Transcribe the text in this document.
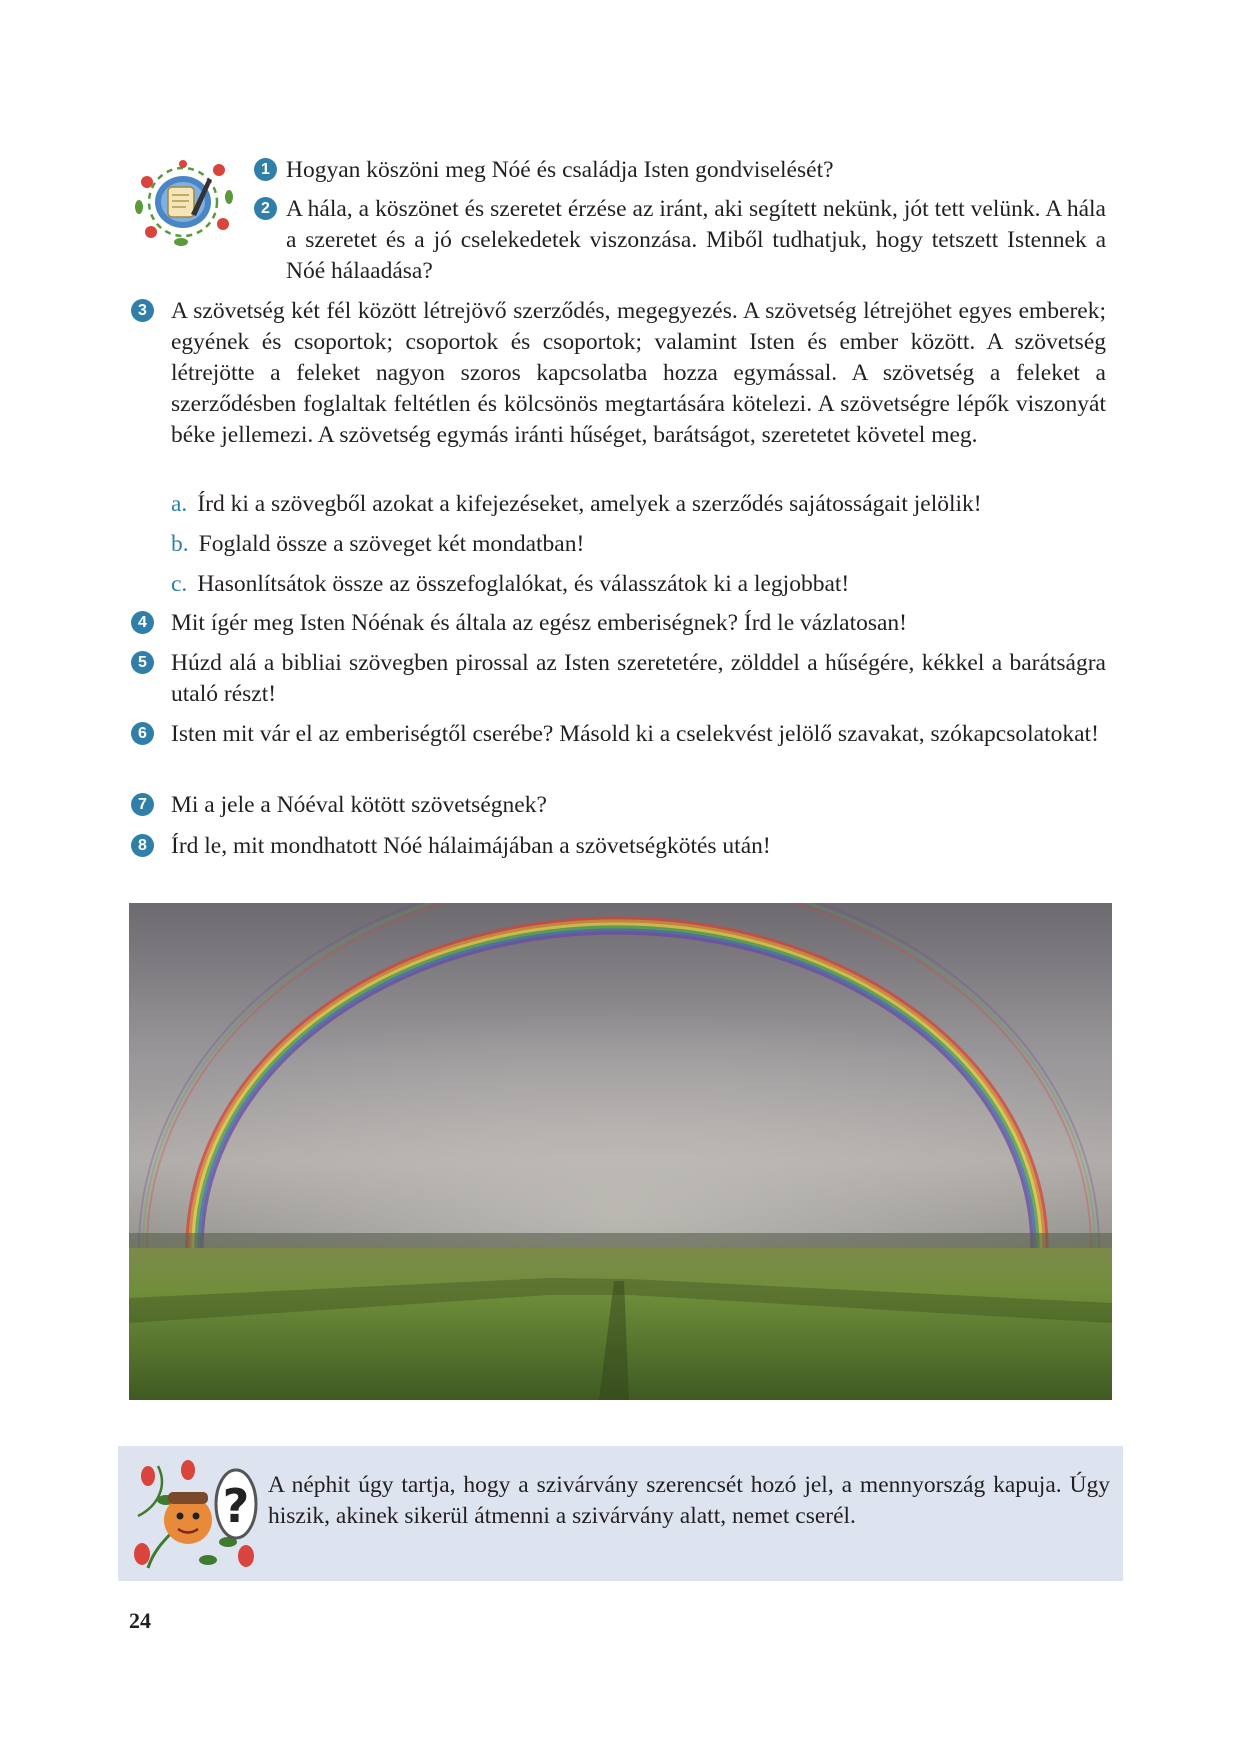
1 Hogyan köszöni meg Nóé és családja Isten gondviselését?
2 A hála, a köszönet és szeretet érzése az iránt, aki segített nekünk, jót tett velünk. A hála a szeretet és a jó cselekedetek viszonzása. Miből tudhatjuk, hogy tetszett Istennek a Nóé hálaadása?
3 A szövetség két fél között létrejövő szerződés, megegyezés. A szövetség létrejöhet egyes emberek; egyének és csoportok; csoportok és csoportok; valamint Isten és ember között. A szövetség létrejötte a feleket nagyon szoros kapcsolatba hozza egymással. A szövetség a feleket a szerződésben foglaltak feltétlen és kölcsönös megtartására kötelezi. A szövetségre lépők viszonyát béke jellemezi. A szövetség egymás iránti hűséget, barátságot, szeretetet követel meg.
a. Írd ki a szövegből azokat a kifejezéseket, amelyek a szerződés sajátosságait jelölik!
b. Foglald össze a szöveget két mondatban!
c. Hasonlítsátok össze az összefoglalókat, és válasszátok ki a legjobbat!
4 Mit ígér meg Isten Nóénak és általa az egész emberiségnek? Írd le vázlatosan!
5 Húzd alá a bibliai szövegben pirossal az Isten szeretetére, zölddel a hűségére, kékkel a barátságra utaló részt!
6 Isten mit vár el az emberiségtől cserébe? Másold ki a cselekvést jelölő szavakat, szókapcsolatokat!
7 Mi a jele a Nóéval kötött szövetségnek?
8 Írd le, mit mondhatott Nóé hálaimájában a szövetségkötés után!
? A néphit úgy tartja, hogy a szivárvány szerencsét hozó jel, a mennyország kapuja. Úgy hiszik, akinek sikerül átmenni a szivárvány alatt, nemet cserél.
24
